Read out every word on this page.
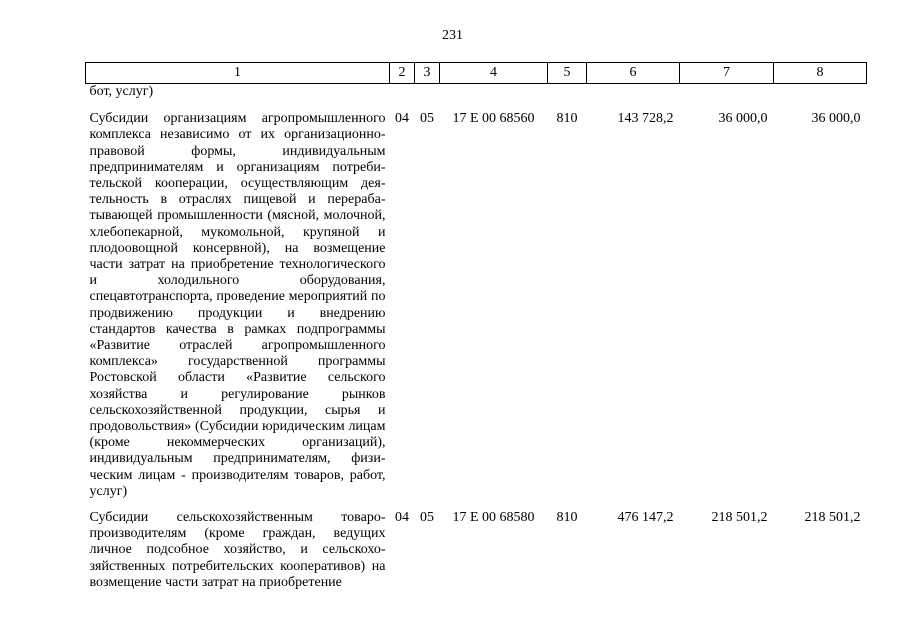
231
1	2	3	4	5	6	7	8
бот, услуг)							
Субсидии организациям агропромышленного комплекса независимо от их организационно-правовой формы, индивидуальным предпринимателям и организациям потребительской кооперации, осуществляющим деятельность в отраслях пищевой и перерабатывающей промышленности (мясной, молочной, хлебопекарной, мукомольной, крупяной и плодоовощной консервной), на возмещение части затрат на приобретение технологического и холодильного оборудования, спецавтотранспорта, проведение мероприятий по продвижению продукции и внедрению стандартов качества в рамках подпрограммы «Развитие отраслей агропромышленного комплекса» государственной программы Ростовской области «Развитие сельского хозяйства и регулирование рынков сельскохозяйственной продукции, сырья и продовольствия» (Субсидии юридическим лицам (кроме некоммерческих организаций), индивидуальным предпринимателям, физическим лицам - производителям товаров, работ, услуг)	04	05	17 Е 00 68560	810	143 728,2	36 000,0	36 000,0
Субсидии сельскохозяйственным товаропроизводителям (кроме граждан, ведущих личное подсобное хозяйство, и сельскохозяйственных потребительских кооперативов) на возмещение части затрат на приобретение	04	05	17 Е 00 68580	810	476 147,2	218 501,2	218 501,2
